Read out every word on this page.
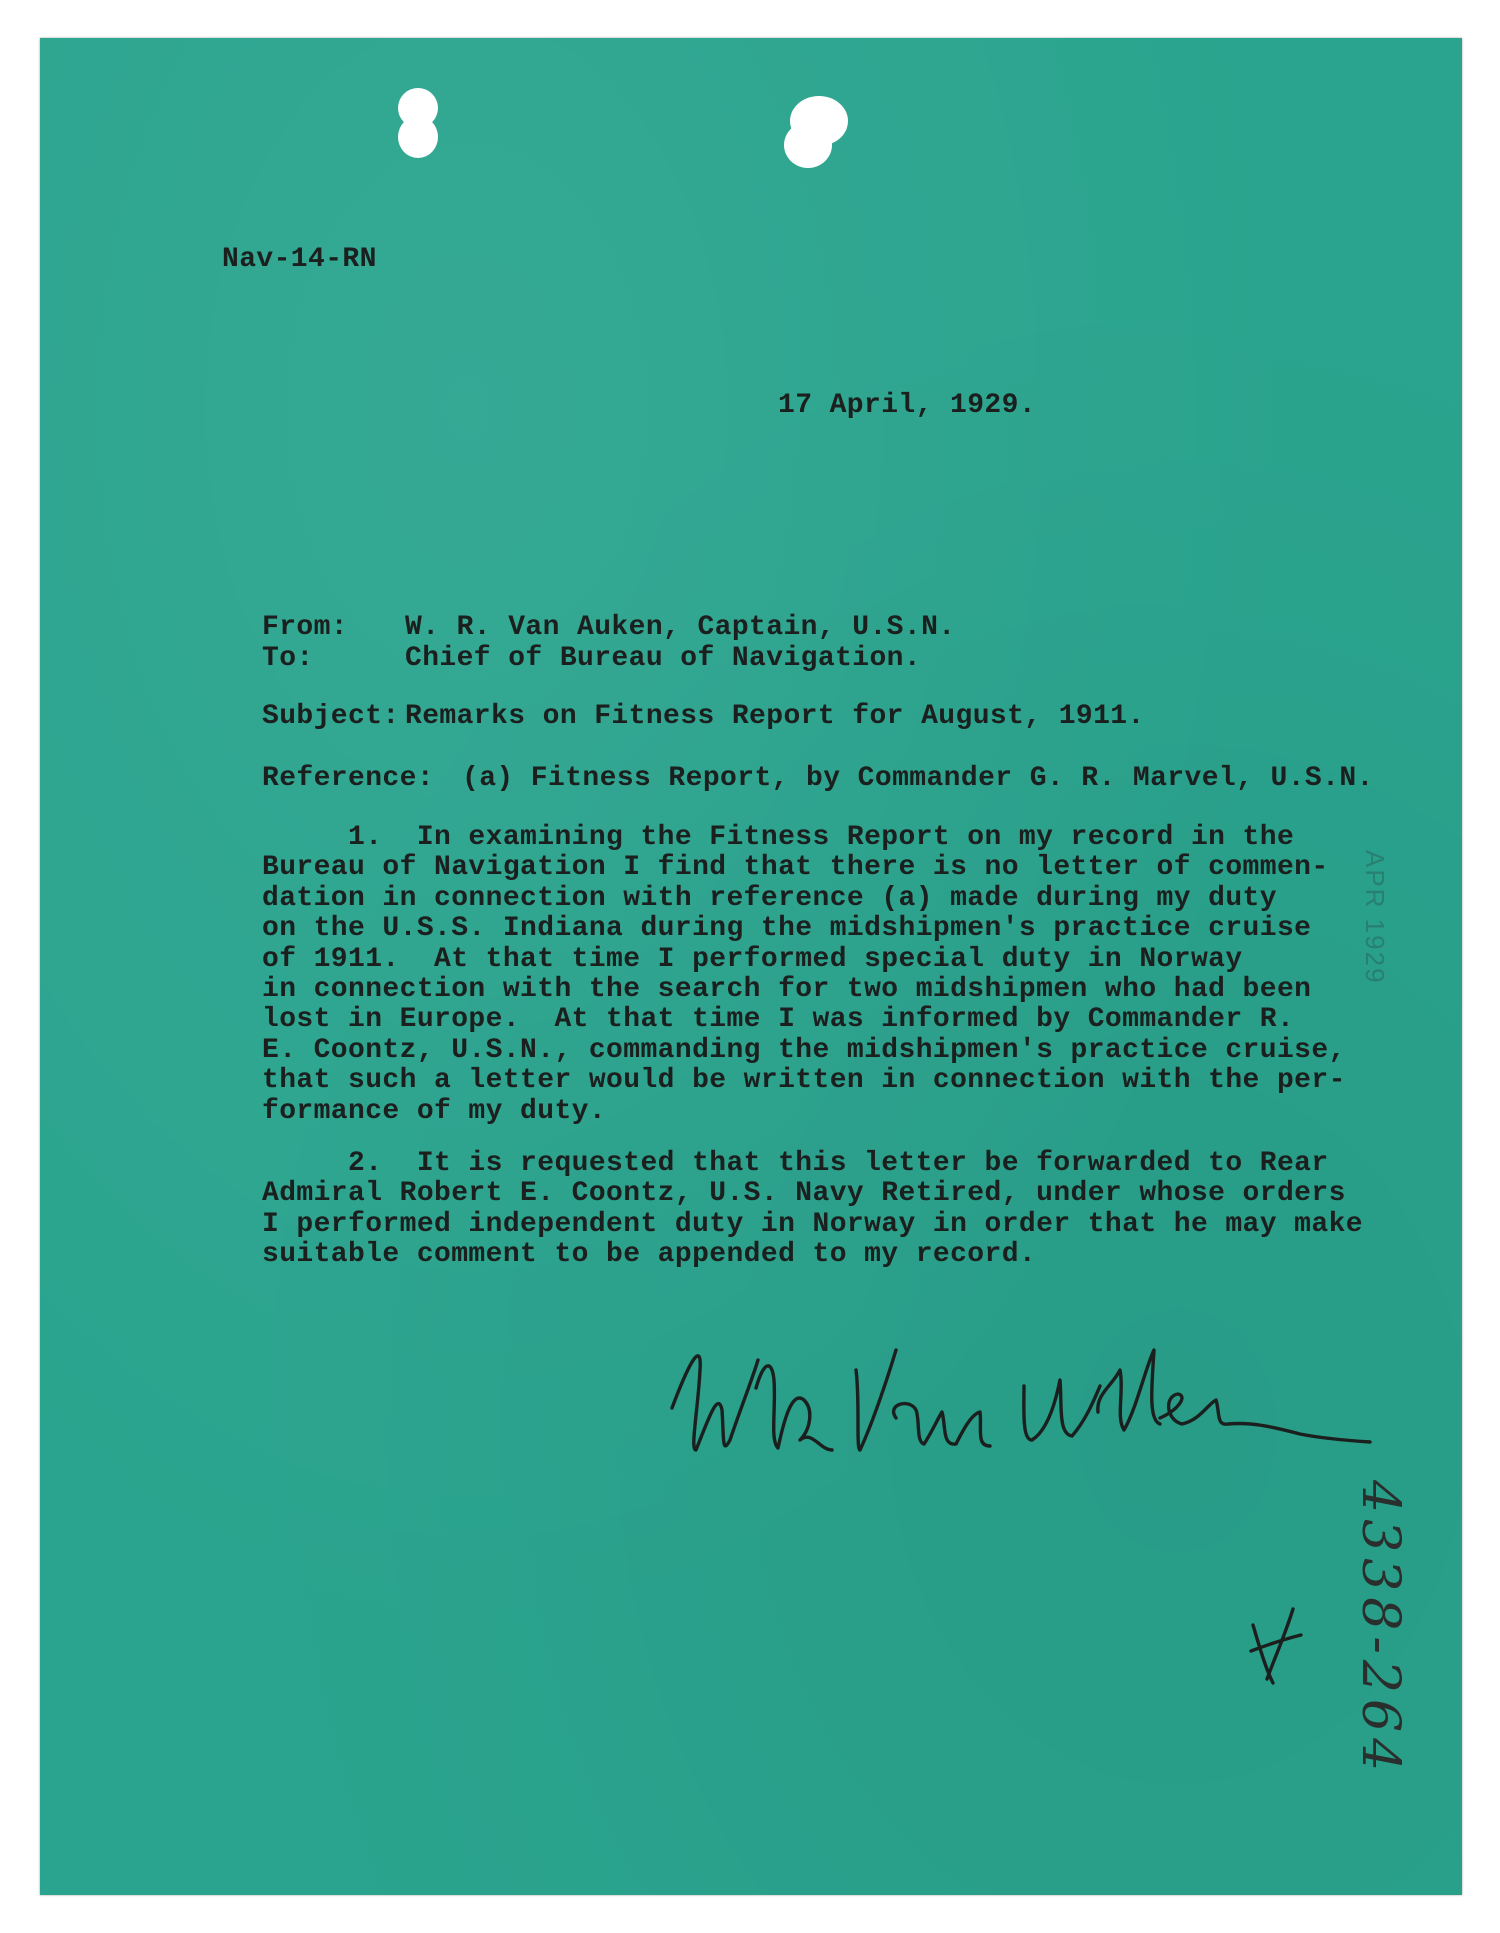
Nav-14-RN

17 April, 1929.

From: W. R. Van Auken, Captain, U.S.N.
To:	Chief of Bureau of Navigation.
Subject: Remarks on Fitness Report for August, 1911.
Reference: (a) Fitness Report, by Commander G. R. Marvel, U.S.N.

1.  In examining the Fitness Report on my record in the
Bureau of Navigation I find that there is no letter of commen-
dation in connection with reference (a) made during my duty
on the U.S.S. Indiana during the midshipmen's practice cruise
of 1911.  At that time I performed special duty in Norway
in connection with the search for two midshipmen who had been
lost in Europe.  At that time I was informed by Commander R.
E. Coontz, U.S.N., commanding the midshipmen's practice cruise,
that such a letter would be written in connection with the per-
formance of my duty.

2.  It is requested that this letter be forwarded to Rear
Admiral Robert E. Coontz, U.S. Navy Retired, under whose orders
I performed independent duty in Norway in order that he may make
suitable comment to be appended to my record.

APR 1929
4338-264
